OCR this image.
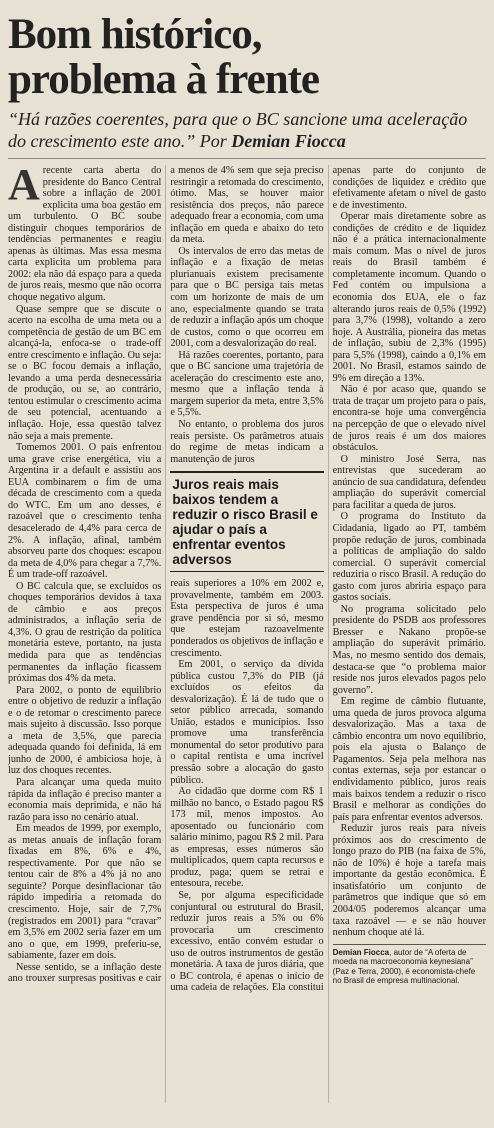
Bom histórico,
problema à frente
“Há razões coerentes, para que o BC sancione uma aceleração do crescimento este ano.” Por Demian Fiocca

Arecente carta aberta do presidente do Banco Central sobre a inflação de 2001 explicita uma boa gestão em um turbulento. O BC soube distinguir choques temporários de tendências permanentes e reagiu apenas às últimas. Mas essa mesma carta explicita um problema para 2002: ela não dá espaço para a queda de juros reais, mesmo que não ocorra choque negativo algum.

Quase sempre que se discute o acerto na escolha de uma meta ou a competência de gestão de um BC em alcançá-la, enfoca-se o trade-off entre crescimento e inflação. Ou seja: se o BC focou demais a inflação, levando a uma perda desnecessária de produção, ou se, ao contrário, tentou estimular o crescimento acima de seu potencial, acentuando a inflação. Hoje, essa questão talvez não seja a mais premente.

Tomemos 2001. O país enfrentou uma grave crise energética, viu a Argentina ir a default e assistiu aos EUA combinarem o fim de uma década de crescimento com a queda do WTC. Em um ano desses, é razoável que o crescimento tenha desacelerado de 4,4% para cerca de 2%. A inflação, afinal, também absorveu parte dos choques: escapou da meta de 4,0% para chegar a 7,7%. É um trade-off razoável.

O BC calcula que, se excluídos os choques temporários devidos à taxa de câmbio e aos preços administrados, a inflação seria de 4,3%. O grau de restrição da política monetária esteve, portanto, na justa medida para que as tendências permanentes da inflação ficassem próximas dos 4% da meta.

Para 2002, o ponto de equilíbrio entre o objetivo de reduzir a inflação e o de retomar o crescimento parece mais sujeito à discussão. Isso porque a meta de 3,5%, que parecia adequada quando foi definida, lá em junho de 2000, é ambiciosa hoje, à luz dos choques recentes.

Para alcançar uma queda muito rápida da inflação é preciso manter a economia mais deprimida, e não há razão para isso no cenário atual.

Em meados de 1999, por exemplo, as metas anuais de inflação foram fixadas em 8%, 6% e 4%, respectivamente. Por que não se tentou cair de 8% a 4% já no ano seguinte? Porque desinflacionar tão rápido impediria a retomada do crescimento. Hoje, sair de 7,7% (registrados em 2001) para “cravar” em 3,5% em 2002 seria fazer em um ano o que, em 1999, preferiu-se, sabiamente, fazer em dois.

Nesse sentido, se a inflação deste ano trouxer surpresas positivas e cair a menos de 4% sem que seja preciso restringir a retomada do crescimento, ótimo. Mas, se houver maior resistência dos preços, não parece adequado frear a economia, com uma inflação em queda e abaixo do teto da meta.

Os intervalos de erro das metas de inflação e a fixação de metas plurianuais existem precisamente para que o BC persiga tais metas com um horizonte de mais de um ano, especialmente quando se trata de reduzir a inflação após um choque de custos, como o que ocorreu em 2001, com a desvalorização do real.

Há razões coerentes, portanto, para que o BC sancione uma trajetória de aceleração do crescimento este ano, mesmo que a inflação tenda à margem superior da meta, entre 3,5% e 5,5%.

No entanto, o problema dos juros reais persiste. Os parâmetros atuais do regime de metas indicam a manutenção de juros

Juros reais mais baixos tendem a reduzir o risco Brasil e ajudar o país a enfrentar eventos adversos

reais superiores a 10% em 2002 e, provavelmente, também em 2003. Esta perspectiva de juros é uma grave pendência por si só, mesmo que estejam razoavelmente ponderados os objetivos de inflação e crescimento.

Em 2001, o serviço da dívida pública custou 7,3% do PIB (já excluídos os efeitos da desvalorização). É lá de tudo que o setor público arrecada, somando União, estados e municípios. Isso promove uma transferência monumental do setor produtivo para o capital rentista e uma incrível pressão sobre a alocação do gasto público.

Ao cidadão que dorme com R$ 1 milhão no banco, o Estado pagou R$ 173 mil, menos impostos. Ao aposentado ou funcionário com salário mínimo, pagou R$ 2 mil. Para as empresas, esses números são multiplicados, quem capta recursos e produz, paga; quem se retrai e entesoura, recebe.

Se, por alguma especificidade conjuntural ou estrutural do Brasil, reduzir juros reais a 5% ou 6% provocaria um crescimento excessivo, então convém estudar o uso de outros instrumentos de gestão monetária. A taxa de juros diária, que o BC controla, é apenas o início de uma cadeia de relações. Ela constitui apenas parte do conjunto de condições de liquidez e crédito que efetivamente afetam o nível de gasto e de investimento.

Operar mais diretamente sobre as condições de crédito e de liquidez não é a prática internacionalmente mais comum. Mas o nível de juros reais do Brasil também é completamente incomum. Quando o Fed contém ou impulsiona a economia dos EUA, ele o faz alterando juros reais de 0,5% (1992) para 3,7% (1998), voltando a zero hoje. A Austrália, pioneira das metas de inflação, subiu de 2,3% (1995) para 5,5% (1998), caindo a 0,1% em 2001. No Brasil, estamos saindo de 9% em direção a 13%.

Não é por acaso que, quando se trata de traçar um projeto para o país, encontra-se hoje uma convergência na percepção de que o elevado nível de juros reais é um dos maiores obstáculos.

O ministro José Serra, nas entrevistas que sucederam ao anúncio de sua candidatura, defendeu ampliação do superávit comercial para facilitar a queda de juros.

O programa do Instituto da Cidadania, ligado ao PT, também propõe redução de juros, combinada a políticas de ampliação do saldo comercial. O superávit comercial reduziria o risco Brasil. A redução do gasto com juros abriria espaço para gastos sociais.

No programa solicitado pelo presidente do PSDB aos professores Bresser e Nakano propõe-se ampliação do superávit primário. Mas, no mesmo sentido dos demais, destaca-se que “o problema maior reside nos juros elevados pagos pelo governo”.

Em regime de câmbio flutuante, uma queda de juros provoca alguma desvalorização. Mas a taxa de câmbio encontra um novo equilíbrio, pois ela ajusta o Balanço de Pagamentos. Seja pela melhora nas contas externas, seja por estancar o endividamento público, juros reais mais baixos tendem a reduzir o risco Brasil e melhorar as condições do país para enfrentar eventos adversos.

Reduzir juros reais para níveis próximos aos do crescimento de longo prazo do PIB (na faixa de 5%, não de 10%) é hoje a tarefa mais importante da gestão econômica. É insatisfatório um conjunto de parâmetros que indique que só em 2004/05 poderemos alcançar uma taxa razoável — e se não houver nenhum choque até lá.

Demian Fiocca, autor de “A oferta de moeda na macroeconomia keynesiana” (Paz e Terra, 2000), é economista-chefe no Brasil de empresa multinacional.
